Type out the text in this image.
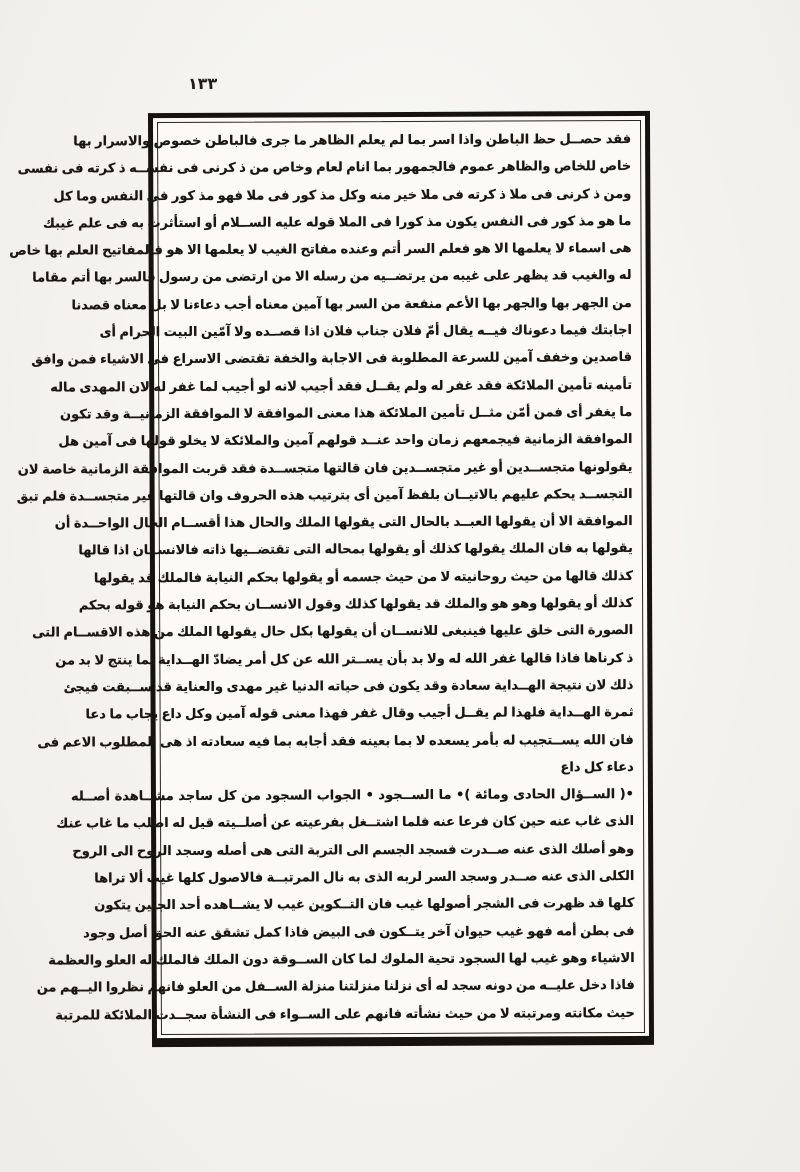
١٣٣
فقد حصــل حظ الباطن واذا اسر بما لم يعلم الظاهر ما جرى فالباطن خصوص والاسرار بها
خاص للخاص والظاهر عموم فالجمهور بما انام لعام وخاص من ذ كرنى فى نفســه ذ كرته فى نفسى
ومن ذ كرنى فى ملا ذ كرته فى ملا خير منه وكل مذ كور فى ملا فهو مذ كور فى النفس وما كل
ما هو مذ كور فى النفس يكون مذ كورا فى الملا قوله عليه الســلام أو استأثرت به فى علم غيبك
هى اسماء لا يعلمها الا هو فعلم السر أتم وعنده مفاتح الغيب لا يعلمها الا هو فالمفاتيح العلم بها خاص
له والغيب قد يظهر على غيبه من يرتضــيه من رسله الا من ارتضى من رسول فالسر بها أتم مقاما
من الجهر بها والجهر بها الأعم منفعة من السر بها آمين معناه أجب دعاءنا لا بل معناه قصدنا
اجابتك فيما دعوناك فيــه يقال أمّ فلان جناب فلان اذا قصــده ولا آمّين البيت الحرام أى
قاصدين وخفف آمين للسرعة المطلوبة فى الاجابة والخفة تقتضى الاسراع فى الاشياء فمن وافق
تأمينه تأمين الملائكة فقد غفر له ولم يقــل فقد أجيب لانه لو أجيب لما غفر له لان المهدى ماله
ما يغفر أى فمن أمّن مثــل تأمين الملائكة هذا معنى الموافقة لا الموافقة الزمانيــة وقد تكون
الموافقة الزمانية فيجمعهم زمان واحد عنــد قولهم آمين والملائكة لا يخلو قولها فى آمين هل
يقولونها متجســدين أو غير متجســدين فان قالتها متجســدة فقد قربت الموافقة الزمانية خاصة لان
التجســد يحكم عليهم بالاتيــان بلفظ آمين أى بترتيب هذه الحروف وان قالتها غير متجســدة فلم تبق
الموافقة الا أن يقولها العبــد بالحال التى يقولها الملك والحال هذا أقســام الحال الواحــدة أن
يقولها به فان الملك يقولها كذلك أو يقولها بمحاله التى تقتضــيها ذاته فالانســان اذا قالها
كذلك قالها من حيث روحانيته لا من حيث جسمه أو يقولها بحكم النيابة فالملك قد يقولها
كذلك أو يقولها وهو هو والملك قد يقولها كذلك وقول الانســان بحكم النيابة هو قوله بحكم
الصورة التى خلق عليها فينبغى للانســان أن يقولها بكل حال يقولها الملك من هذه الاقســام التى
ذ كرناها فاذا قالها غفر الله له ولا بد بأن يســتر الله عن كل أمر يضادّ الهــداية بما ينتج لا بد من
ذلك لان نتيجة الهــداية سعادة وقد يكون فى حياته الدنيا غير مهدى والعناية قد ســبقت فيجئ
ثمرة الهــداية فلهذا لم يقــل أجيب وقال غفر فهذا معنى قوله آمين وكل داع يجاب ما دعا
فان الله يســتجيب له بأمر يسعده لا بما بعينه فقد أجابه بما فيه سعادته اذ هى المطلوب الاعم فى
دعاء كل داع
•( الســؤال الحادى ومائة )• ما الســجود • الجواب السجود من كل ساجد مشــاهدة أصــله
الذى غاب عنه حين كان فرعا عنه فلما اشتــغل بفرعيته عن أصلــيته قيل له اطلب ما غاب عنك
وهو أصلك الذى عنه صــدرت فسجد الجسم الى التربة التى هى أصله وسجد الروح الى الروح
الكلى الذى عنه صــدر وسجد السر لربه الذى به نال المرتبــة فالاصول كلها غيب ألا تراها
كلها قد ظهرت فى الشجر أصولها غيب فان التــكوين غيب لا يشــاهده أحد الجنين يتكون
فى بطن أمه فهو غيب حيوان آخر يتــكون فى البيض فاذا كمل تشقق عنه الحق أصل وجود
الاشياء وهو غيب لها السجود تحية الملوك لما كان الســوقة دون الملك فالملك له العلو والعظمة
فاذا دخل عليــه من دونه سجد له أى نزلنا منزلتنا منزلة الســفل من العلو فانهم نظروا اليــهم من
حيث مكانته ومرتبته لا من حيث نشأته فانهم على الســواء فى النشأة سجــدت الملائكة للمرتبة
